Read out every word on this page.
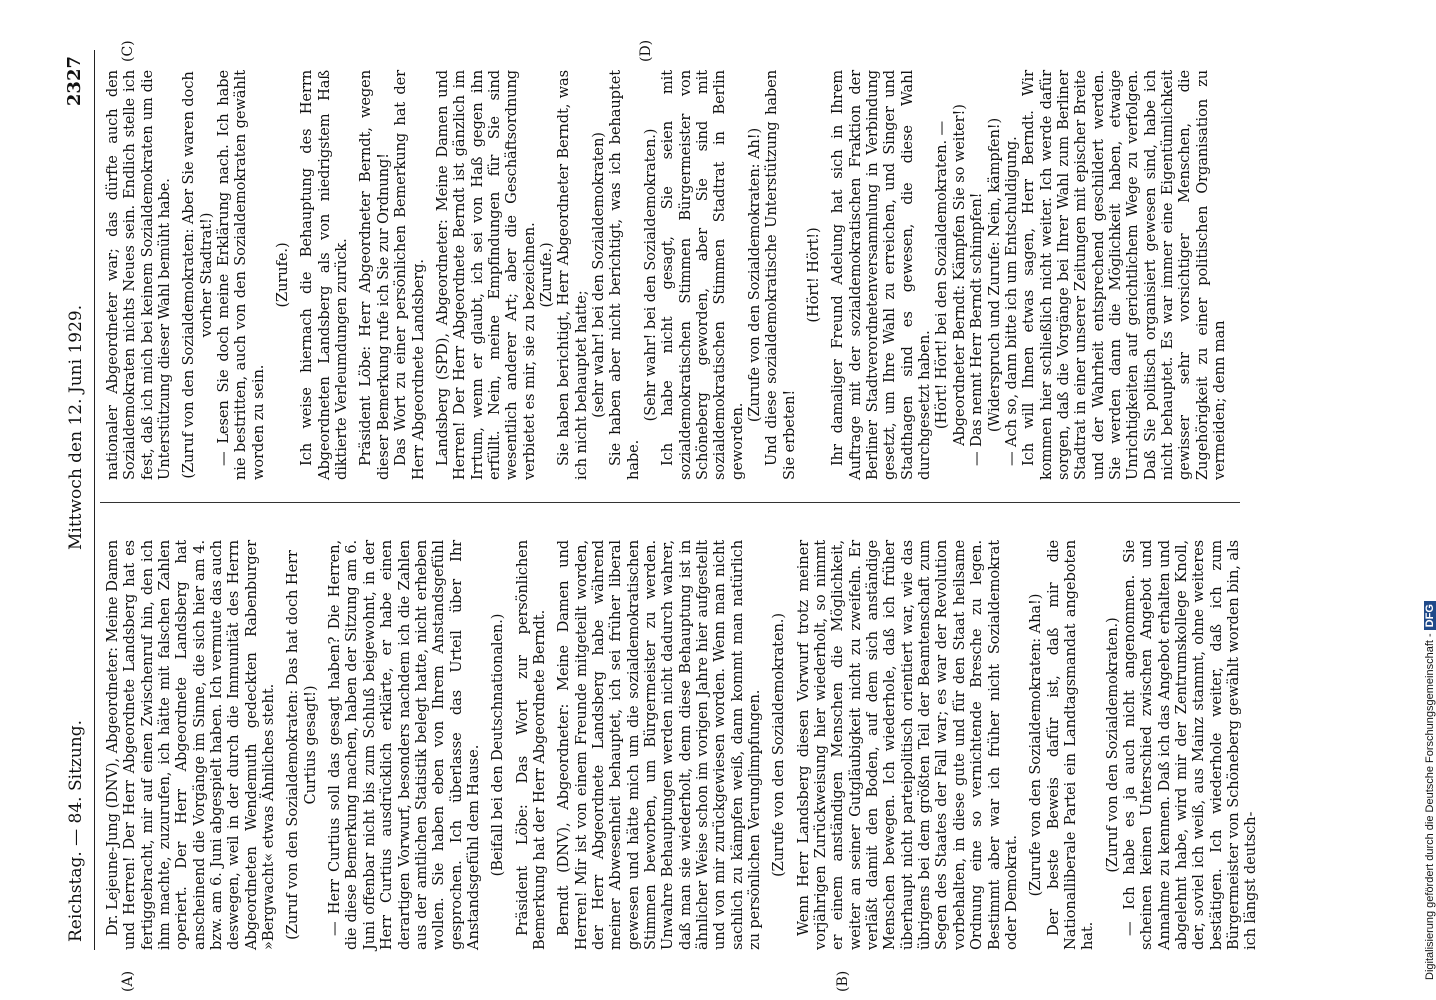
Reichstag. — 84. Sitzung.
Mittwoch den 12. Juni 1929.
2327
(A)	(B)
(C)	(D)

Dr. Lejeune-Jung (DNV), Abgeordneter: Meine Damen und Herren! Der Herr Abgeordnete Landsberg hat es fertiggebracht, mir auf einen Zwischenruf hin, den ich ihm machte, zuzurufen, ich hätte mit falschen Zahlen operiert. Der Herr Abgeordnete Landsberg hat anscheinend die Vorgänge im Sinne, die sich hier am 4. bzw. am 6. Juni abgespielt haben. Ich vermute das auch deswegen, weil in der durch die Immunität des Herrn Abgeordneten Wendemuth gedeckten Rabenburger »Bergwacht« etwas Ähnliches steht. (Zuruf von den Sozialdemokraten: Das hat doch Herr Curtius gesagt!) — Herr Curtius soll das gesagt haben? Die Herren, die diese Bemerkung machen, haben der Sitzung am 6. Juni offenbar nicht bis zum Schluß beigewohnt, in der Herr Curtius ausdrücklich erklärte, er habe einen derartigen Vorwurf, besonders nachdem ich die Zahlen aus der amtlichen Statistik belegt hatte, nicht erheben wollen. Sie haben eben von Ihrem Anstandsgefühl gesprochen. Ich überlasse das Urteil über Ihr Anstandsgefühl dem Hause. (Beifall bei den Deutschnationalen.) Präsident Löbe: Das Wort zur persönlichen Bemerkung hat der Herr Abgeordnete Berndt. Berndt (DNV), Abgeordneter: Meine Damen und Herren! Mir ist von einem Freunde mitgeteilt worden, der Herr Abgeordnete Landsberg habe während meiner Abwesenheit behauptet, ich sei früher liberal gewesen und hätte mich um die sozialdemokratischen Stimmen beworben, um Bürgermeister zu werden. Unwahre Behauptungen werden nicht dadurch wahrer, daß man sie wiederholt, denn diese Behauptung ist in ähnlicher Weise schon im vorigen Jahre hier aufgestellt und von mir zurückgewiesen worden. Wenn man nicht sachlich zu kämpfen weiß, dann kommt man natürlich zu persönlichen Verunglimpfungen. (Zurufe von den Sozialdemokraten.) Wenn Herr Landsberg diesen Vorwurf trotz meiner vorjährigen Zurückweisung hier wiederholt, so nimmt er einem anständigen Menschen die Möglichkeit, weiter an seiner Gutgläubigkeit nicht zu zweifeln. Er verläßt damit den Boden, auf dem sich anständige Menschen bewegen. Ich wiederhole, daß ich früher überhaupt nicht parteipolitisch orientiert war, wie das übrigens bei dem größten Teil der Beamtenschaft zum Segen des Staates der Fall war; es war der Revolution vorbehalten, in diese gute und für den Staat heilsame Ordnung eine so vernichtende Bresche zu legen. Bestimmt aber war ich früher nicht Sozialdemokrat oder Demokrat. (Zurufe von den Sozialdemokraten: Aha!) Der beste Beweis dafür ist, daß mir die Nationalliberale Partei ein Landtagsmandat angeboten hat.

(Zuruf von den Sozialdemokraten.) — Ich habe es ja auch nicht angenommen. Sie scheinen keinen Unterschied zwischen Angebot und Annahme zu kennen. Daß ich das Angebot erhalten und abgelehnt habe, wird mir der Zentrumskollege Knoll, der, soviel ich weiß, aus Mainz stammt, ohne weiteres bestätigen. Ich wiederhole weiter, daß ich zum Bürgermeister von Schöneberg gewählt worden bin, als ich längst deutsch-

nationaler Abgeordneter war; das dürfte auch den Sozialdemokraten nichts Neues sein. Endlich stelle ich fest, daß ich mich bei keinem Sozialdemokraten um die Unterstützung dieser Wahl bemüht habe. (Zuruf von den Sozialdemokraten: Aber Sie waren doch vorher Stadtrat!) — Lesen Sie doch meine Erklärung nach. Ich habe nie bestritten, auch von den Sozialdemokraten gewählt worden zu sein.

(Zurufe.) Ich weise hiernach die Behauptung des Herrn Abgeordneten Landsberg als von niedrigstem Haß diktierte Verleumdungen zurück. Präsident Löbe: Herr Abgeordneter Berndt, wegen dieser Bemerkung rufe ich Sie zur Ordnung! Das Wort zu einer persönlichen Bemerkung hat der Herr Abgeordnete Landsberg. Landsberg (SPD), Abgeordneter: Meine Damen und Herren! Der Herr Abgeordnete Berndt ist gänzlich im Irrtum, wenn er glaubt, ich sei von Haß gegen ihn erfüllt. Nein, meine Empfindungen für Sie sind wesentlich anderer Art; aber die Geschäftsordnung verbietet es mir, sie zu bezeichnen. (Zurufe.) Sie haben berichtigt, Herr Abgeordneter Berndt, was ich nicht behauptet hatte; (sehr wahr! bei den Sozialdemokraten) Sie haben aber nicht berichtigt, was ich behauptet habe.

(Sehr wahr! bei den Sozialdemokraten.) Ich habe nicht gesagt, Sie seien mit sozialdemokratischen Stimmen Bürgermeister von Schöneberg geworden, aber Sie sind mit sozialdemokratischen Stimmen Stadtrat in Berlin geworden.

(Zurufe von den Sozialdemokraten: Ah!) Und diese sozialdemokratische Unterstützung haben Sie erbeten!

(Hört! Hört!) Ihr damaliger Freund Adelung hat sich in Ihrem Auftrage mit der sozialdemokratischen Fraktion der Berliner Stadtverordnetenversammlung in Verbindung gesetzt, um Ihre Wahl zu erreichen, und Singer und Stadthagen sind es gewesen, die diese Wahl durchgesetzt haben. (Hört! Hört! bei den Sozialdemokraten. — Abgeordneter Berndt: Kämpfen Sie so weiter!) — Das nennt Herr Berndt schimpfen! (Widerspruch und Zurufe: Nein, kämpfen!) — Ach so, dann bitte ich um Entschuldigung. Ich will Ihnen etwas sagen, Herr Berndt. Wir kommen hier schließlich nicht weiter. Ich werde dafür sorgen, daß die Vorgänge bei Ihrer Wahl zum Berliner Stadtrat in einer unserer Zeitungen mit epischer Breite und der Wahrheit entsprechend geschildert werden. Sie werden dann die Möglichkeit haben, etwaige Unrichtigkeiten auf gerichtlichem Wege zu verfolgen. Daß Sie politisch organisiert gewesen sind, habe ich nicht behauptet. Es war immer eine Eigentümlichkeit gewisser sehr vorsichtiger Menschen, die Zugehörigkeit zu einer politischen Organisation zu vermeiden; denn man

Digitalisierung gefördert durch die Deutsche Forschungsgemeinschaft -DFG
